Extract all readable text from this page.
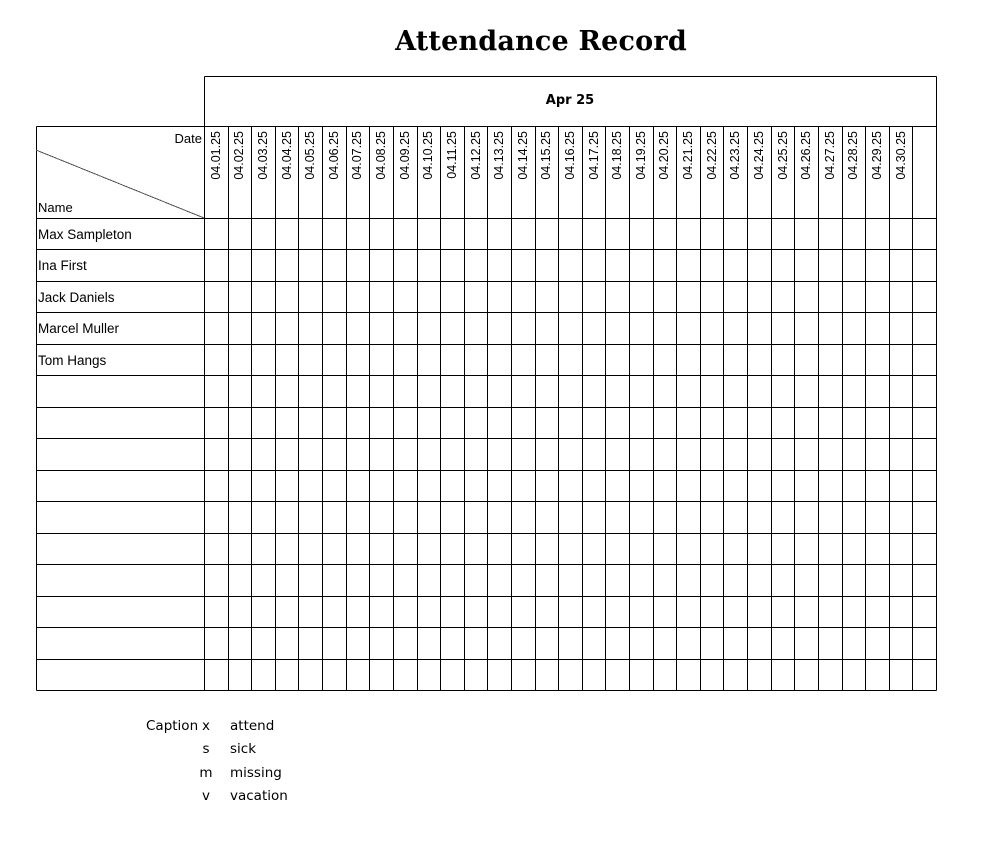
Attendance Record
Apr 25
Date
Name
04.01.25 04.02.25 04.03.25 04.04.25 04.05.25 04.06.25 04.07.25 04.08.25 04.09.25 04.10.25 04.11.25 04.12.25 04.13.25 04.14.25 04.15.25 04.16.25 04.17.25 04.18.25 04.19.25 04.20.25 04.21.25 04.22.25 04.23.25 04.24.25 04.25.25 04.26.25 04.27.25 04.28.25 04.29.25 04.30.25
Max Sampleton
Ina First
Jack Daniels
Marcel Muller
Tom Hangs
Caption x	attend
s	sick
m missing
v	vacation
